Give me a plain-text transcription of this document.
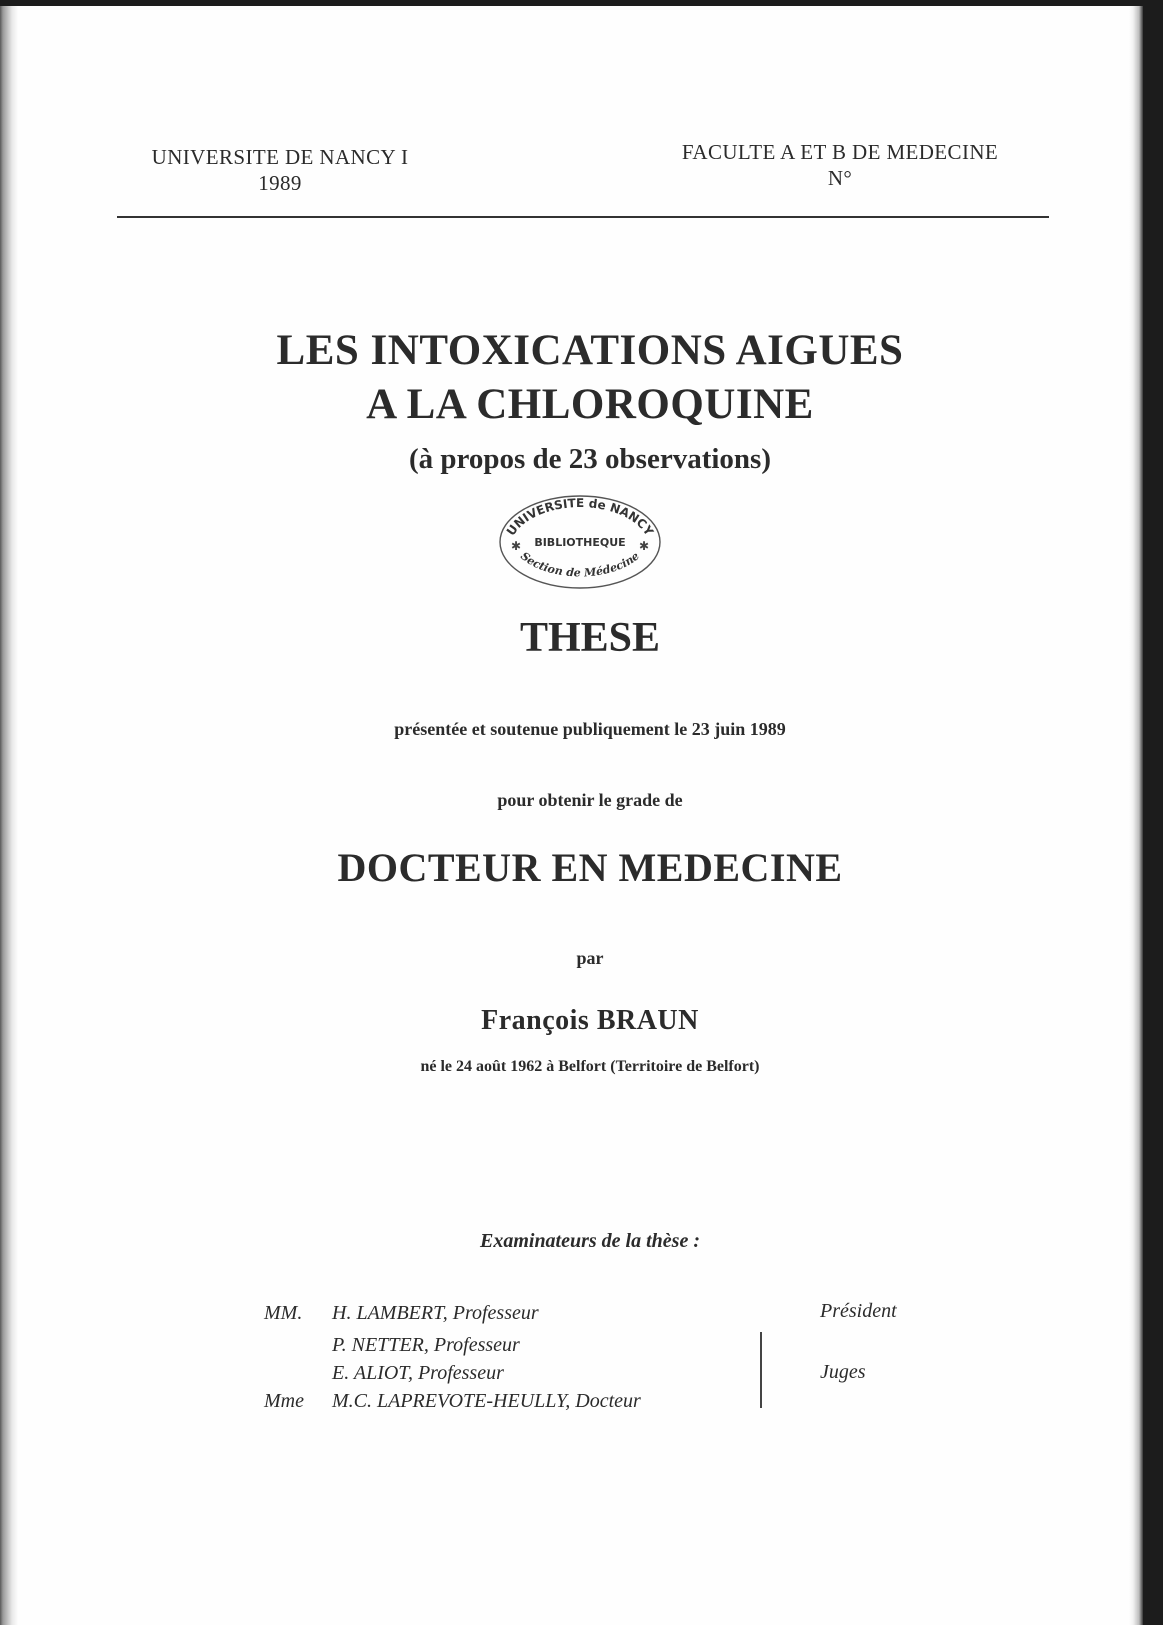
UNIVERSITE DE NANCY I
1989
FACULTE A ET B DE MEDECINE
N°
LES INTOXICATIONS AIGUES
A LA CHLOROQUINE
(à propos de 23 observations)
UNIVERSITE de NANCY
BIBLIOTHEQUE
✱	✱
Section de Médecine
THESE
présentée et soutenue publiquement le 23 juin 1989
pour obtenir le grade de
DOCTEUR EN MEDECINE
par
François BRAUN
né le 24 août 1962 à Belfort (Territoire de Belfort)
Examinateurs de la thèse :
MM. H. LAMBERT, Professeur	Président
P. NETTER, Professeur
E. ALIOT, Professeur	Juges
Mme M.C. LAPREVOTE-HEULLY, Docteur
